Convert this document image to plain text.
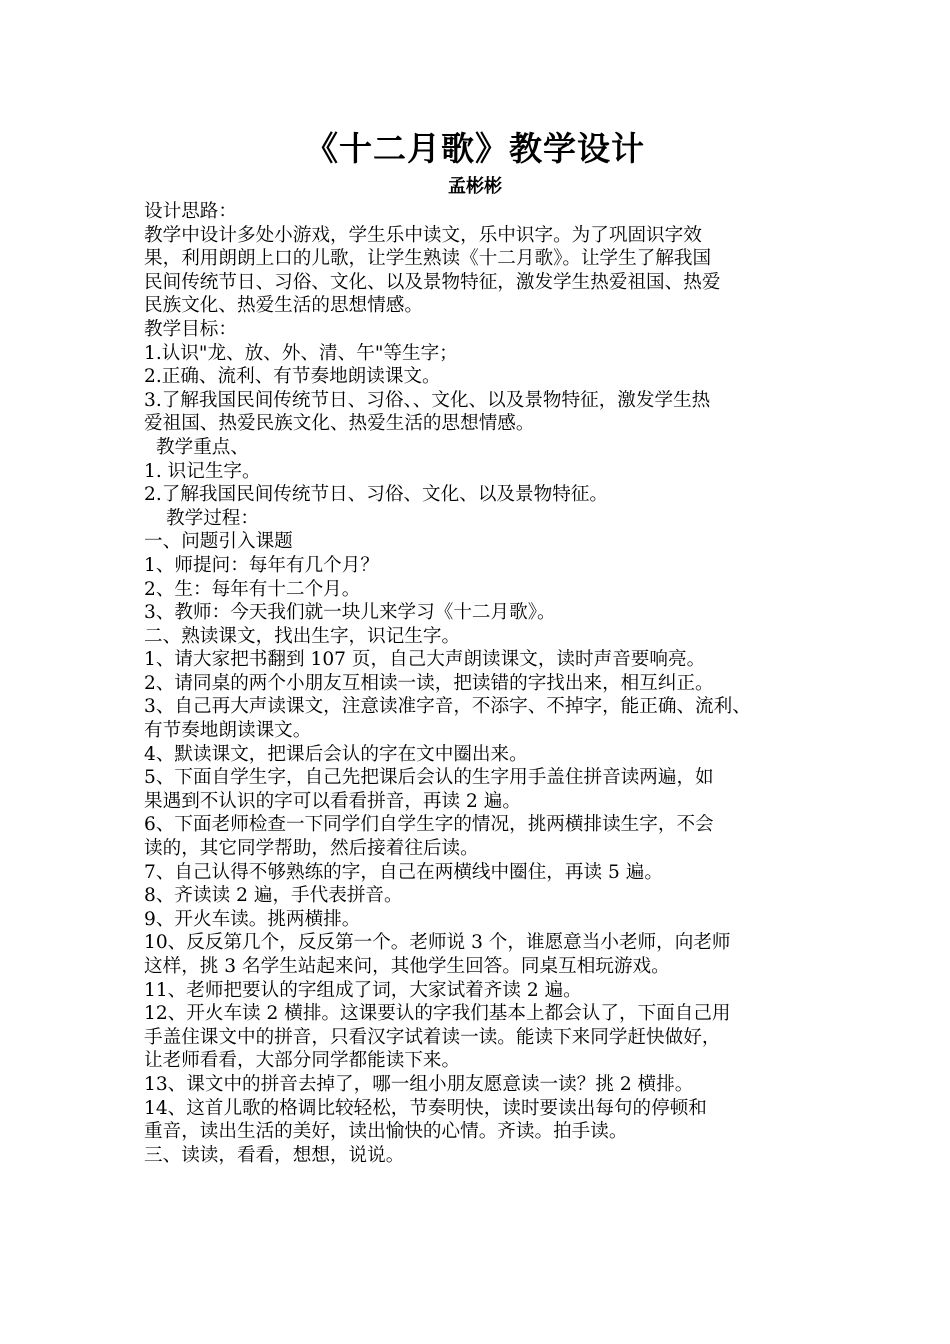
《十二月歌》教学设计
孟彬彬
设计思路：
教学中设计多处小游戏，学生乐中读文，乐中识字。为了巩固识字效
果，利用朗朗上口的儿歌，让学生熟读《十二月歌》。让学生了解我国
民间传统节日、习俗、文化、以及景物特征，激发学生热爱祖国、热爱
民族文化、热爱生活的思想情感。
教学目标：
1.认识"龙、放、外、清、午"等生字；
2.正确、流利、有节奏地朗读课文。
3.了解我国民间传统节日、习俗、、文化、以及景物特征，激发学生热
爱祖国、热爱民族文化、热爱生活的思想情感。
教学重点、
1. 识记生字。
2.了解我国民间传统节日、习俗、文化、以及景物特征。
教学过程：
一、问题引入课题
1、师提问：每年有几个月？
2、生：每年有十二个月。
3、教师：今天我们就一块儿来学习《十二月歌》。
二、熟读课文，找出生字，识记生字。
1、请大家把书翻到 107 页，自己大声朗读课文，读时声音要响亮。
2、请同桌的两个小朋友互相读一读，把读错的字找出来，相互纠正。
3、自己再大声读课文，注意读准字音，不添字、不掉字，能正确、流利、
有节奏地朗读课文。
4、默读课文，把课后会认的字在文中圈出来。
5、下面自学生字，自己先把课后会认的生字用手盖住拼音读两遍，如
果遇到不认识的字可以看看拼音，再读 2 遍。
6、下面老师检查一下同学们自学生字的情况，挑两横排读生字，不会
读的，其它同学帮助，然后接着往后读。
7、自己认得不够熟练的字，自己在两横线中圈住，再读 5 遍。
8、齐读读 2 遍，手代表拼音。
9、开火车读。挑两横排。
10、反反第几个，反反第一个。老师说 3 个，谁愿意当小老师，向老师
这样，挑 3 名学生站起来问，其他学生回答。同桌互相玩游戏。
11、老师把要认的字组成了词，大家试着齐读 2 遍。
12、开火车读 2 横排。这课要认的字我们基本上都会认了，下面自己用
手盖住课文中的拼音，只看汉字试着读一读。能读下来同学赶快做好，
让老师看看，大部分同学都能读下来。
13、课文中的拼音去掉了，哪一组小朋友愿意读一读？挑 2 横排。
14、这首儿歌的格调比较轻松，节奏明快，读时要读出每句的停顿和
重音，读出生活的美好，读出愉快的心情。齐读。拍手读。
三、读读，看看，想想，说说。
